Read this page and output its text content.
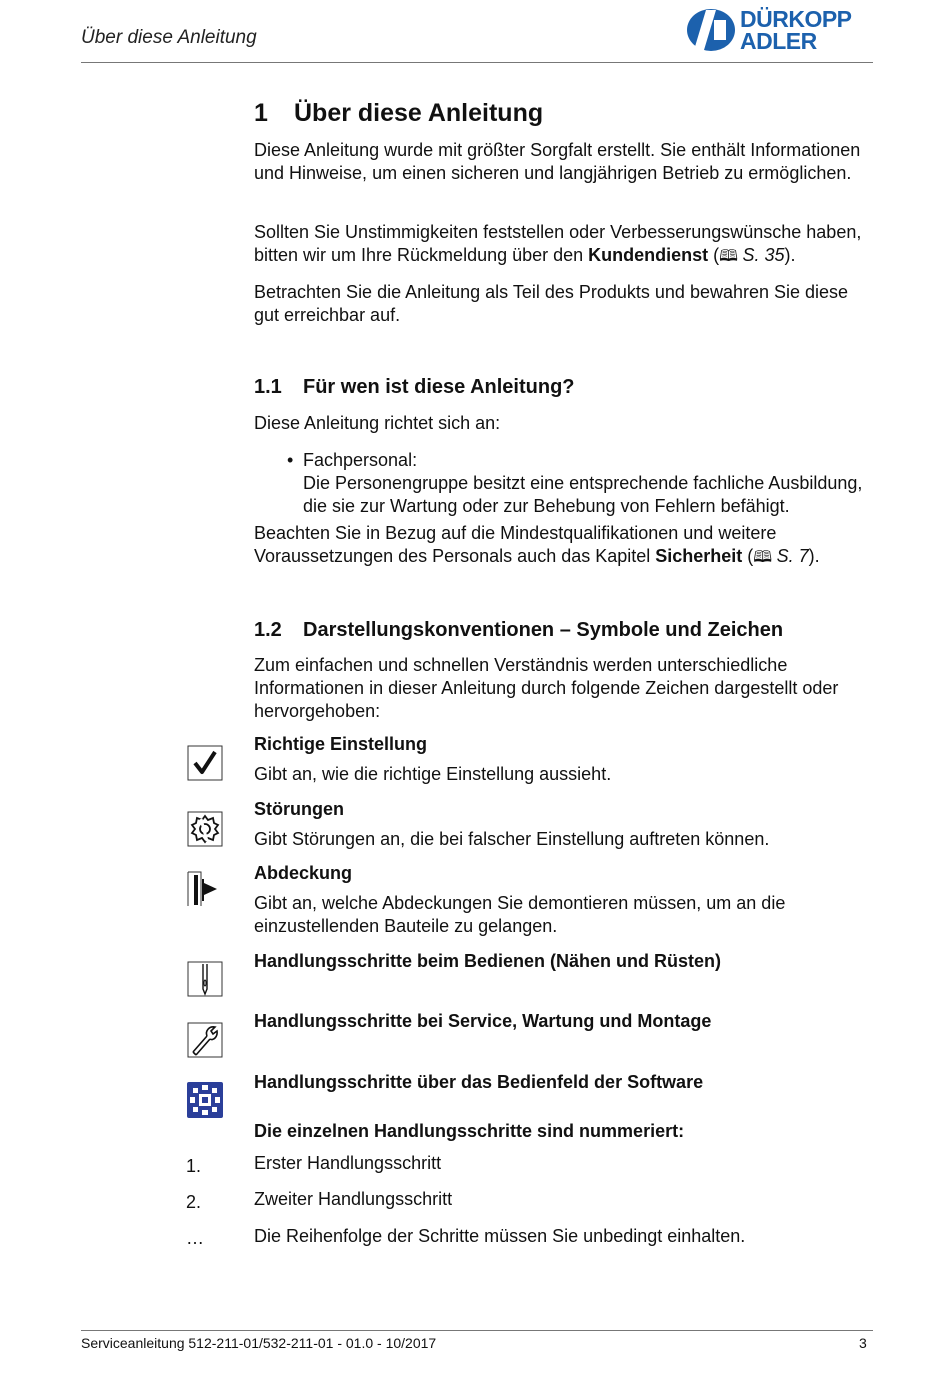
Über diese Anleitung
DÜRKOPP
ADLER
1 Über diese Anleitung

Diese Anleitung wurde mit größter Sorgfalt erstellt. Sie enthält Informationen und Hinweise, um einen sicheren und langjährigen Betrieb zu ermöglichen.

Sollten Sie Unstimmigkeiten feststellen oder Verbesserungswünsche haben, bitten wir um Ihre Rückmeldung über den Kundendienst (🕮 S. 35).

Betrachten Sie die Anleitung als Teil des Produkts und bewahren Sie diese gut erreichbar auf.

1.1 Für wen ist diese Anleitung?

Diese Anleitung richtet sich an:

• Fachpersonal:
Die Personengruppe besitzt eine entsprechende fachliche Ausbildung, die sie zur Wartung oder zur Behebung von Fehlern befähigt.

Beachten Sie in Bezug auf die Mindestqualifikationen und weitere Voraussetzungen des Personals auch das Kapitel Sicherheit (🕮 S. 7).

1.2 Darstellungskonventionen – Symbole und Zeichen

Zum einfachen und schnellen Verständnis werden unterschiedliche Informationen in dieser Anleitung durch folgende Zeichen dargestellt oder hervorgehoben:

Richtige Einstellung
Gibt an, wie die richtige Einstellung aussieht.
Störungen
Gibt Störungen an, die bei falscher Einstellung auftreten können.
Abdeckung
Gibt an, welche Abdeckungen Sie demontieren müssen, um an die einzustellenden Bauteile zu gelangen.
Handlungsschritte beim Bedienen (Nähen und Rüsten)
Handlungsschritte bei Service, Wartung und Montage
Handlungsschritte über das Bedienfeld der Software
Die einzelnen Handlungsschritte sind nummeriert:
1.	Erster Handlungsschritt
2.	Zweiter Handlungsschritt
…	Die Reihenfolge der Schritte müssen Sie unbedingt einhalten.
Serviceanleitung 512-211-01/532-211-01 - 01.0 - 10/2017	3
